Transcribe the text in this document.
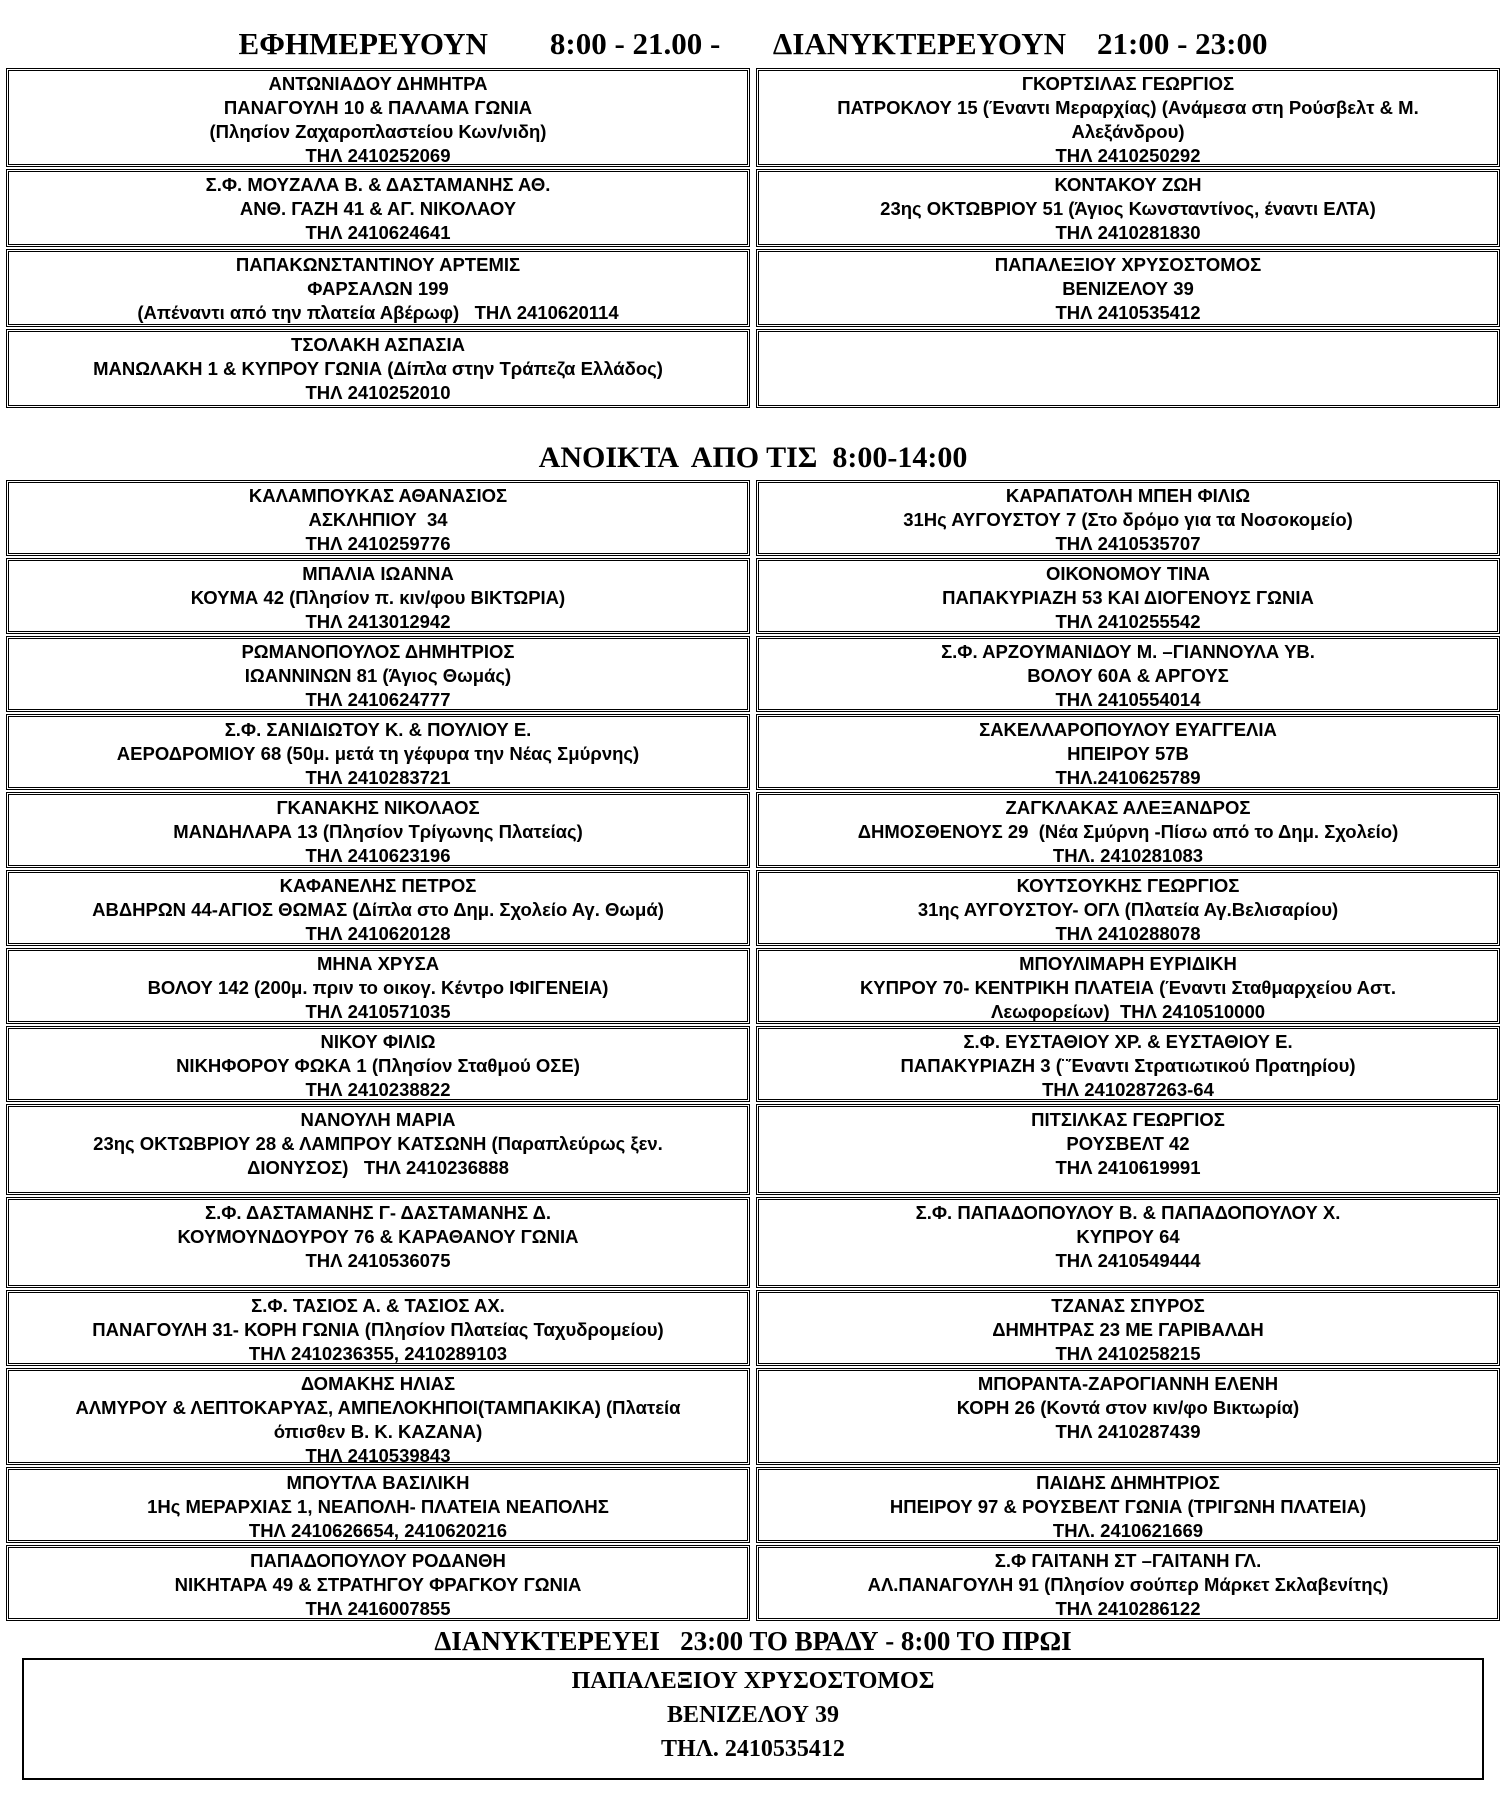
ΕΦΗΜΕΡΕΥΟΥΝ        8:00 - 21.00 -       ΔΙΑΝΥΚΤΕΡΕΥΟΥΝ    21:00 - 23:00
ΑΝΤΩΝΙΑΔΟΥ ΔΗΜΗΤΡΑ
ΠΑΝΑΓΟΥΛΗ 10 & ΠΑΛΑΜΑ ΓΩΝΙΑ
(Πλησίον Ζαχαροπλαστείου Κων/νιδη)
ΤΗΛ 2410252069
ΓΚΟΡΤΣΙΛΑΣ ΓΕΩΡΓΙΟΣ
ΠΑΤΡΟΚΛΟΥ 15 (Έναντι Μεραρχίας) (Ανάμεσα στη Ρούσβελτ & Μ.
Αλεξάνδρου)
ΤΗΛ 2410250292
Σ.Φ. ΜΟΥΖΑΛΑ Β. & ΔΑΣΤΑΜΑΝΗΣ ΑΘ.
ΑΝΘ. ΓΑΖΗ 41 & ΑΓ. ΝΙΚΟΛΑΟΥ
ΤΗΛ 2410624641
ΚΟΝΤΑΚΟΥ ΖΩΗ
23ης ΟΚΤΩΒΡΙΟΥ 51 (Άγιος Κωνσταντίνος, έναντι ΕΛΤΑ)
ΤΗΛ 2410281830
ΠΑΠΑΚΩΝΣΤΑΝΤΙΝΟΥ ΑΡΤΕΜΙΣ
ΦΑΡΣΑΛΩΝ 199
(Απέναντι από την πλατεία Αβέρωφ)   ΤΗΛ 2410620114
ΠΑΠΑΛΕΞΙΟΥ ΧΡΥΣΟΣΤΟΜΟΣ
ΒΕΝΙΖΕΛΟΥ 39
ΤΗΛ 2410535412
ΤΣΟΛΑΚΗ ΑΣΠΑΣΙΑ
ΜΑΝΩΛΑΚΗ 1 & ΚΥΠΡΟΥ ΓΩΝΙΑ (Δίπλα στην Τράπεζα Ελλάδος)
ΤΗΛ 2410252010
ΑΝΟΙΚΤΑ  ΑΠΟ ΤΙΣ  8:00-14:00
ΚΑΛΑΜΠΟΥΚΑΣ ΑΘΑΝΑΣΙΟΣ
ΑΣΚΛΗΠΙΟΥ  34
ΤΗΛ 2410259776
ΚΑΡΑΠΑΤΟΛΗ ΜΠΕΗ ΦΙΛΙΩ
31Ης ΑΥΓΟΥΣΤΟΥ 7 (Στο δρόμο για τα Νοσοκομείο)
ΤΗΛ 2410535707
ΜΠΑΛΙΑ ΙΩΑΝΝΑ
ΚΟΥΜΑ 42 (Πλησίον π. κιν/φου ΒΙΚΤΩΡΙΑ)
ΤΗΛ 2413012942
ΟΙΚΟΝΟΜΟΥ ΤΙΝΑ
ΠΑΠΑΚΥΡΙΑΖΗ 53 ΚΑΙ ΔΙΟΓΕΝΟΥΣ ΓΩΝΙΑ
ΤΗΛ 2410255542
ΡΩΜΑΝΟΠΟΥΛΟΣ ΔΗΜΗΤΡΙΟΣ
ΙΩΑΝΝΙΝΩΝ 81 (Άγιος Θωμάς)
ΤΗΛ 2410624777
Σ.Φ. ΑΡΖΟΥΜΑΝΙΔΟΥ Μ. –ΓΙΑΝΝΟΥΛΑ ΥΒ.
ΒΟΛΟΥ 60Α & ΑΡΓΟΥΣ
ΤΗΛ 2410554014
Σ.Φ. ΣΑΝΙΔΙΩΤΟΥ Κ. & ΠΟΥΛΙΟΥ Ε.
ΑΕΡΟΔΡΟΜΙΟΥ 68 (50μ. μετά τη γέφυρα την Νέας Σμύρνης)
ΤΗΛ 2410283721
ΣΑΚΕΛΛΑΡΟΠΟΥΛΟΥ ΕΥΑΓΓΕΛΙΑ
ΗΠΕΙΡΟΥ 57Β
ΤΗΛ.2410625789
ΓΚΑΝΑΚΗΣ ΝΙΚΟΛΑΟΣ
ΜΑΝΔΗΛΑΡΑ 13 (Πλησίον Τρίγωνης Πλατείας)
ΤΗΛ 2410623196
ΖΑΓΚΛΑΚΑΣ ΑΛΕΞΑΝΔΡΟΣ
ΔΗΜΟΣΘΕΝΟΥΣ 29  (Νέα Σμύρνη -Πίσω από το Δημ. Σχολείο)
ΤΗΛ. 2410281083
ΚΑΦΑΝΕΛΗΣ ΠΕΤΡΟΣ
ΑΒΔΗΡΩΝ 44-ΑΓΙΟΣ ΘΩΜΑΣ (Δίπλα στο Δημ. Σχολείο Αγ. Θωμά)
ΤΗΛ 2410620128
ΚΟΥΤΣΟΥΚΗΣ ΓΕΩΡΓΙΟΣ
31ης ΑΥΓΟΥΣΤΟΥ- ΟΓΛ (Πλατεία Αγ.Βελισαρίου)
ΤΗΛ 2410288078
ΜΗΝΑ ΧΡΥΣΑ
ΒΟΛΟΥ 142 (200μ. πριν το οικογ. Κέντρο ΙΦΙΓΕΝΕΙΑ)
ΤΗΛ 2410571035
ΜΠΟΥΛΙΜΑΡΗ ΕΥΡΙΔΙΚΗ
ΚΥΠΡΟΥ 70- ΚΕΝΤΡΙΚΗ ΠΛΑΤΕΙΑ (Έναντι Σταθμαρχείου Αστ.
Λεωφορείων)  ΤΗΛ 2410510000
ΝΙΚΟΥ ΦΙΛΙΩ
ΝΙΚΗΦΟΡΟΥ ΦΩΚΑ 1 (Πλησίον Σταθμού ΟΣΕ)
ΤΗΛ 2410238822
Σ.Φ. ΕΥΣΤΑΘΙΟΥ ΧΡ. & ΕΥΣΤΑΘΙΟΥ Ε.
ΠΑΠΑΚΥΡΙΑΖΗ 3 (¨Έναντι Στρατιωτικού Πρατηρίου)
ΤΗΛ 2410287263-64
ΝΑΝΟΥΛΗ ΜΑΡΙΑ
23ης ΟΚΤΩΒΡΙΟΥ 28 & ΛΑΜΠΡΟΥ ΚΑΤΣΩΝΗ (Παραπλεύρως ξεν.
ΔΙΟΝΥΣΟΣ)   ΤΗΛ 2410236888
ΠΙΤΣΙΛΚΑΣ ΓΕΩΡΓΙΟΣ
ΡΟΥΣΒΕΛΤ 42
ΤΗΛ 2410619991
Σ.Φ. ΔΑΣΤΑΜΑΝΗΣ Γ- ΔΑΣΤΑΜΑΝΗΣ Δ.
ΚΟΥΜΟΥΝΔΟΥΡΟΥ 76 & ΚΑΡΑΘΑΝΟΥ ΓΩΝΙΑ
ΤΗΛ 2410536075
Σ.Φ. ΠΑΠΑΔΟΠΟΥΛΟΥ Β. & ΠΑΠΑΔΟΠΟΥΛΟΥ Χ.
ΚΥΠΡΟΥ 64
ΤΗΛ 2410549444
Σ.Φ. ΤΑΣΙΟΣ Α. & ΤΑΣΙΟΣ ΑΧ.
ΠΑΝΑΓΟΥΛΗ 31- ΚΟΡΗ ΓΩΝΙΑ (Πλησίον Πλατείας Ταχυδρομείου)
ΤΗΛ 2410236355, 2410289103
ΤΖΑΝΑΣ ΣΠΥΡΟΣ
ΔΗΜΗΤΡΑΣ 23 ΜΕ ΓΑΡΙΒΑΛΔΗ
ΤΗΛ 2410258215
ΔΟΜΑΚΗΣ ΗΛΙΑΣ
ΑΛΜΥΡΟΥ & ΛΕΠΤΟΚΑΡΥΑΣ, ΑΜΠΕΛΟΚΗΠΟΙ(ΤΑΜΠΑΚΙΚΑ) (Πλατεία
όπισθεν Β. Κ. ΚΑΖΑΝΑ)
ΤΗΛ 2410539843
ΜΠΟΡΑΝΤΑ-ΖΑΡΟΓΙΑΝΝΗ ΕΛΕΝΗ
ΚΟΡΗ 26 (Κοντά στον κιν/φο Βικτωρία)
ΤΗΛ 2410287439
ΜΠΟΥΤΛΑ ΒΑΣΙΛΙΚΗ
1Ης ΜΕΡΑΡΧΙΑΣ 1, ΝΕΑΠΟΛΗ- ΠΛΑΤΕΙΑ ΝΕΑΠΟΛΗΣ
ΤΗΛ 2410626654, 2410620216
ΠΑΙΔΗΣ ΔΗΜΗΤΡΙΟΣ
ΗΠΕΙΡΟΥ 97 & ΡΟΥΣΒΕΛΤ ΓΩΝΙΑ (ΤΡΙΓΩΝΗ ΠΛΑΤΕΙΑ)
ΤΗΛ. 2410621669
ΠΑΠΑΔΟΠΟΥΛΟΥ ΡΟΔΑΝΘΗ
ΝΙΚΗΤΑΡΑ 49 & ΣΤΡΑΤΗΓΟΥ ΦΡΑΓΚΟΥ ΓΩΝΙΑ
ΤΗΛ 2416007855
Σ.Φ ΓΑΙΤΑΝΗ ΣΤ –ΓΑΙΤΑΝΗ ΓΛ.
ΑΛ.ΠΑΝΑΓΟΥΛΗ 91 (Πλησίον σούπερ Μάρκετ Σκλαβενίτης)
ΤΗΛ 2410286122
ΔΙΑΝΥΚΤΕΡΕΥΕΙ   23:00 ΤΟ ΒΡΑΔΥ - 8:00 ΤΟ ΠΡΩΙ
ΠΑΠΑΛΕΞΙΟΥ ΧΡΥΣΟΣΤΟΜΟΣ
ΒΕΝΙΖΕΛΟΥ 39
ΤΗΛ. 2410535412
